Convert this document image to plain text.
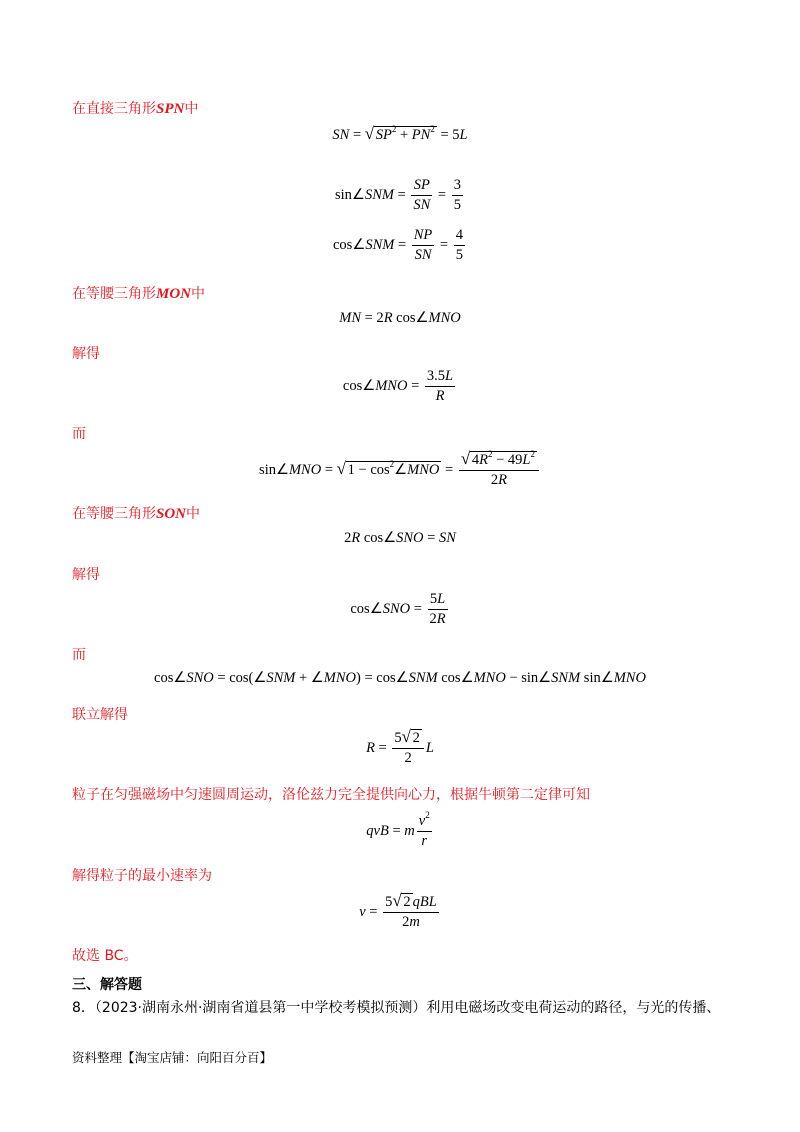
在直接三角形SPN中
SN = √ $SP^2 + PN^2 = 5L$
sin∠SNM = $\frac{SP}{SN} = \frac{3}{5}$
cos∠SNM = $\frac{NP}{SN} = \frac{4}{5}$
在等腰三角形MON中
MN = 2R cos∠MNO
解得
cos∠MNO = $\frac{3.5L}{R}$
而
sin∠MNO = √ $1 - \cos^2\angle MNO = \frac{√ 4R^2 - 49L^2}{2R}$
在等腰三角形SON中
2R cos∠SNO = SN
解得
cos∠SNO = $\frac{5L}{2R}$
而
cos∠SNO = cos(∠SNM + ∠MNO) = cos∠SNM cos∠MNO − sin∠SNM sin∠MNO
联立解得
$R = \frac{5 √ 2}{2}$ L
粒子在匀强磁场中匀速圆周运动，洛伦兹力完全提供向心力，根据牛顿第二定律可知
qvB = m $\frac{v^2}{r}$
解得粒子的最小速率为
$v = \frac{\text{5 √ 2 qBL}}{2m}$
故选 BC。
三、解答题
8．（2023·湖南永州·湖南省道县第一中学校考模拟预测）利用电磁场改变电荷运动的路径，与光的传播、
资料整理【淘宝店铺：向阳百分百】
